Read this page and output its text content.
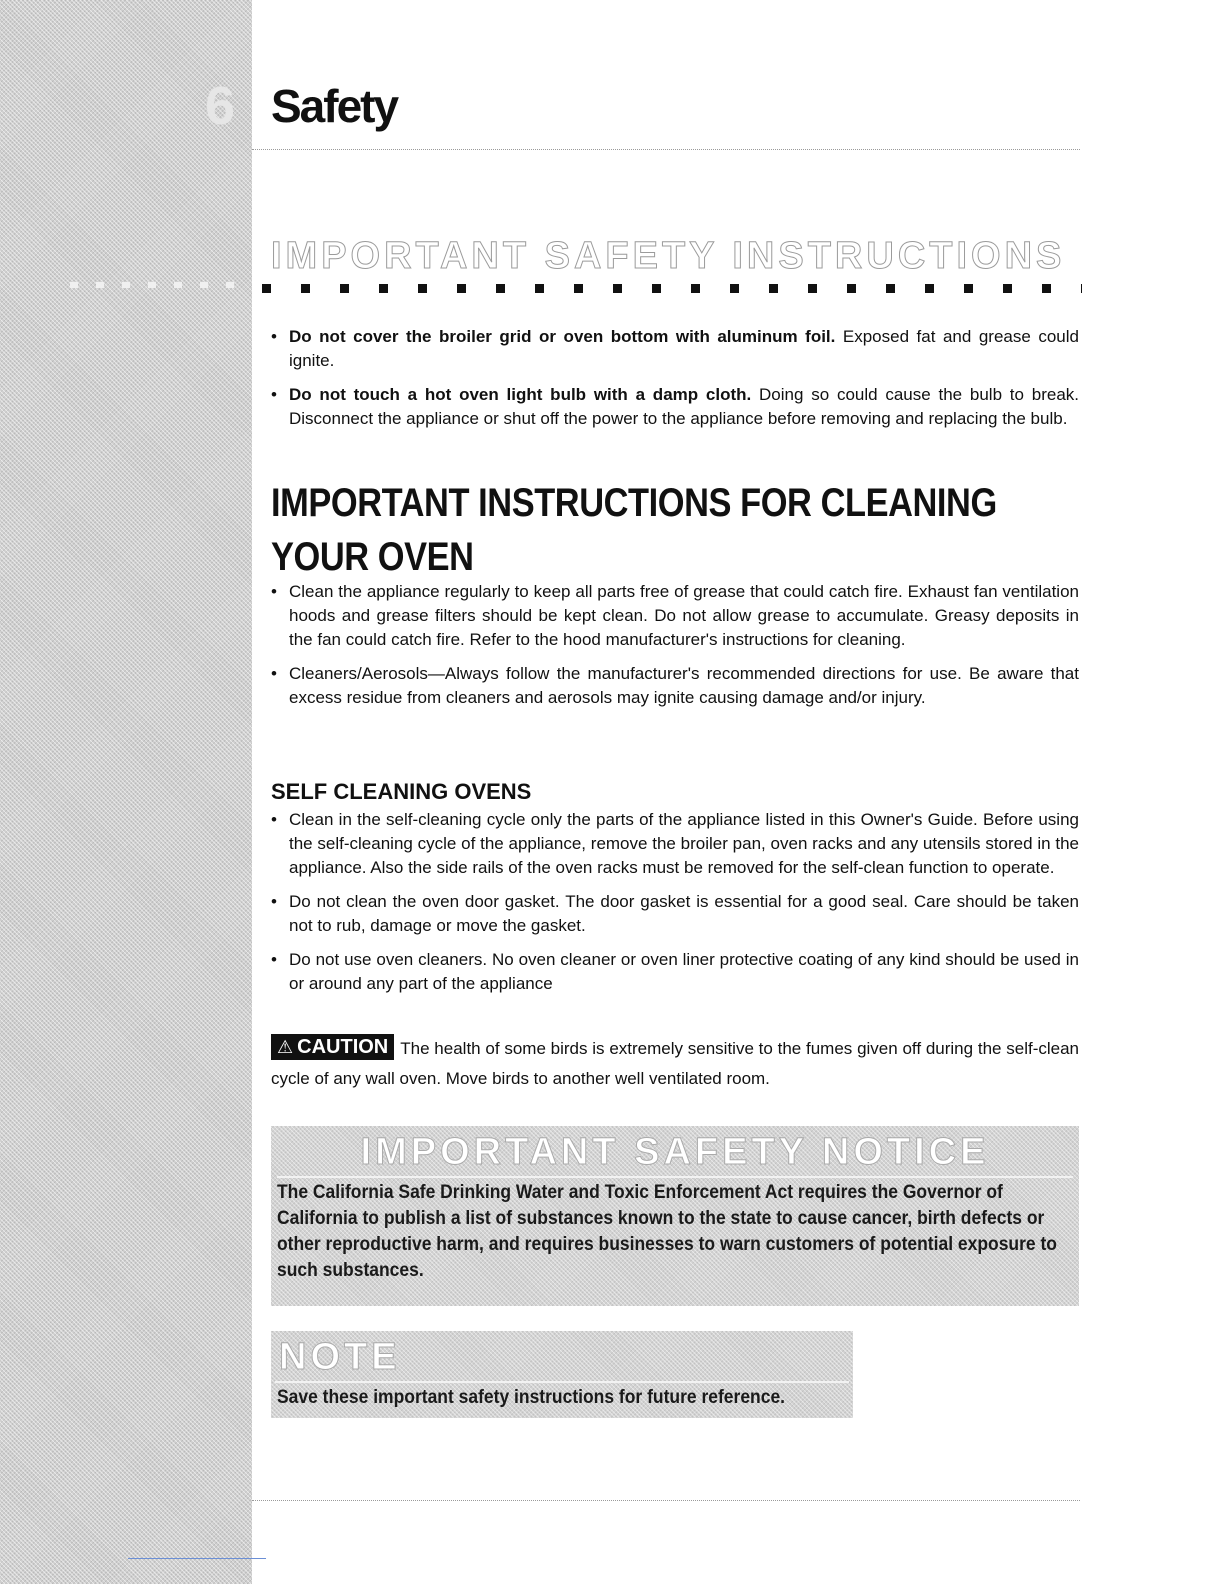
6 Safety
IMPORTANT SAFETY INSTRUCTIONS
• Do not cover the broiler grid or oven bottom with aluminum foil. Exposed fat and grease could ignite.
• Do not touch a hot oven light bulb with a damp cloth. Doing so could cause the bulb to break. Disconnect the appliance or shut off the power to the appliance before removing and replacing the bulb.
IMPORTANT INSTRUCTIONS FOR CLEANING YOUR OVEN
• Clean the appliance regularly to keep all parts free of grease that could catch fire. Exhaust fan ventilation hoods and grease filters should be kept clean. Do not allow grease to accumulate. Greasy deposits in the fan could catch fire. Refer to the hood manufacturer's instructions for cleaning.
• Cleaners/Aerosols—Always follow the manufacturer's recommended directions for use. Be aware that excess residue from cleaners and aerosols may ignite causing damage and/or injury.
SELF CLEANING OVENS
• Clean in the self-cleaning cycle only the parts of the appliance listed in this Owner's Guide. Before using the self-cleaning cycle of the appliance, remove the broiler pan, oven racks and any utensils stored in the appliance. Also the side rails of the oven racks must be removed for the self-clean function to operate.
• Do not clean the oven door gasket. The door gasket is essential for a good seal. Care should be taken not to rub, damage or move the gasket.
• Do not use oven cleaners. No oven cleaner or oven liner protective coating of any kind should be used in or around any part of the appliance
⚠ CAUTION The health of some birds is extremely sensitive to the fumes given off during the self-clean cycle of any wall oven. Move birds to another well ventilated room.
IMPORTANT SAFETY NOTICE

The California Safe Drinking Water and Toxic Enforcement Act requires the Governor of California to publish a list of substances known to the state to cause cancer, birth defects or other reproductive harm, and requires businesses to warn customers of potential exposure to such substances.

NOTE

Save these important safety instructions for future reference.
